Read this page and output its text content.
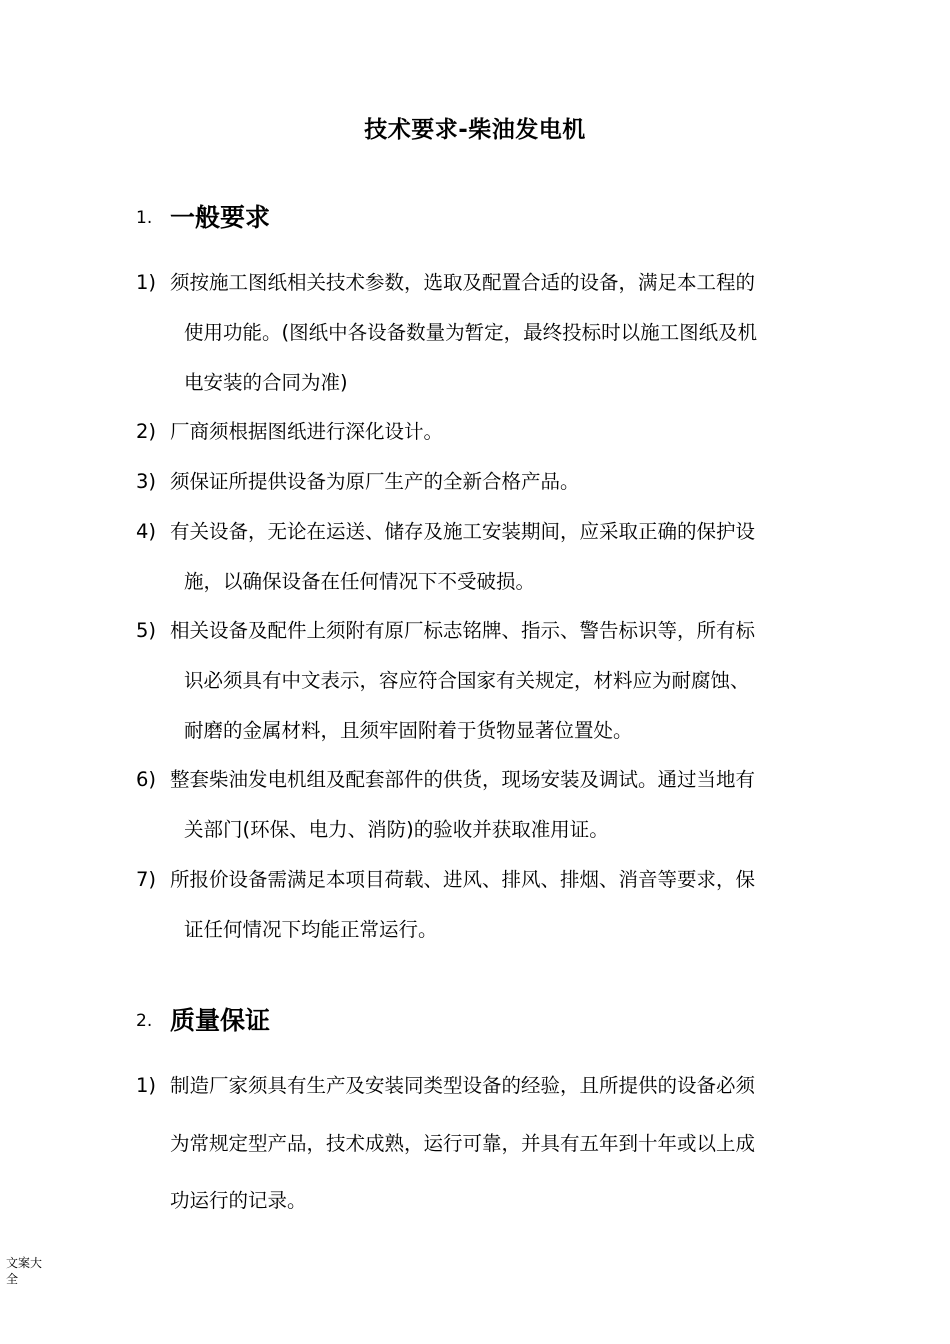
技术要求-柴油发电机
1. 一般要求
1) 须按施工图纸相关技术参数，选取及配置合适的设备，满足本工程的
使用功能。(图纸中各设备数量为暂定，最终投标时以施工图纸及机
电安装的合同为准)
2) 厂商须根据图纸进行深化设计。
3) 须保证所提供设备为原厂生产的全新合格产品。
4) 有关设备，无论在运送、储存及施工安装期间，应采取正确的保护设
施，以确保设备在任何情况下不受破损。
5) 相关设备及配件上须附有原厂标志铭牌、指示、警告标识等，所有标
识必须具有中文表示，容应符合国家有关规定，材料应为耐腐蚀、
耐磨的金属材料，且须牢固附着于货物显著位置处。
6) 整套柴油发电机组及配套部件的供货，现场安装及调试。通过当地有
关部门(环保、电力、消防)的验收并获取准用证。
7) 所报价设备需满足本项目荷载、进风、排风、排烟、消音等要求，保
证任何情况下均能正常运行。
2. 质量保证
1) 制造厂家须具有生产及安装同类型设备的经验，且所提供的设备必须
为常规定型产品，技术成熟，运行可靠，并具有五年到十年或以上成
功运行的记录。
文案大
全
